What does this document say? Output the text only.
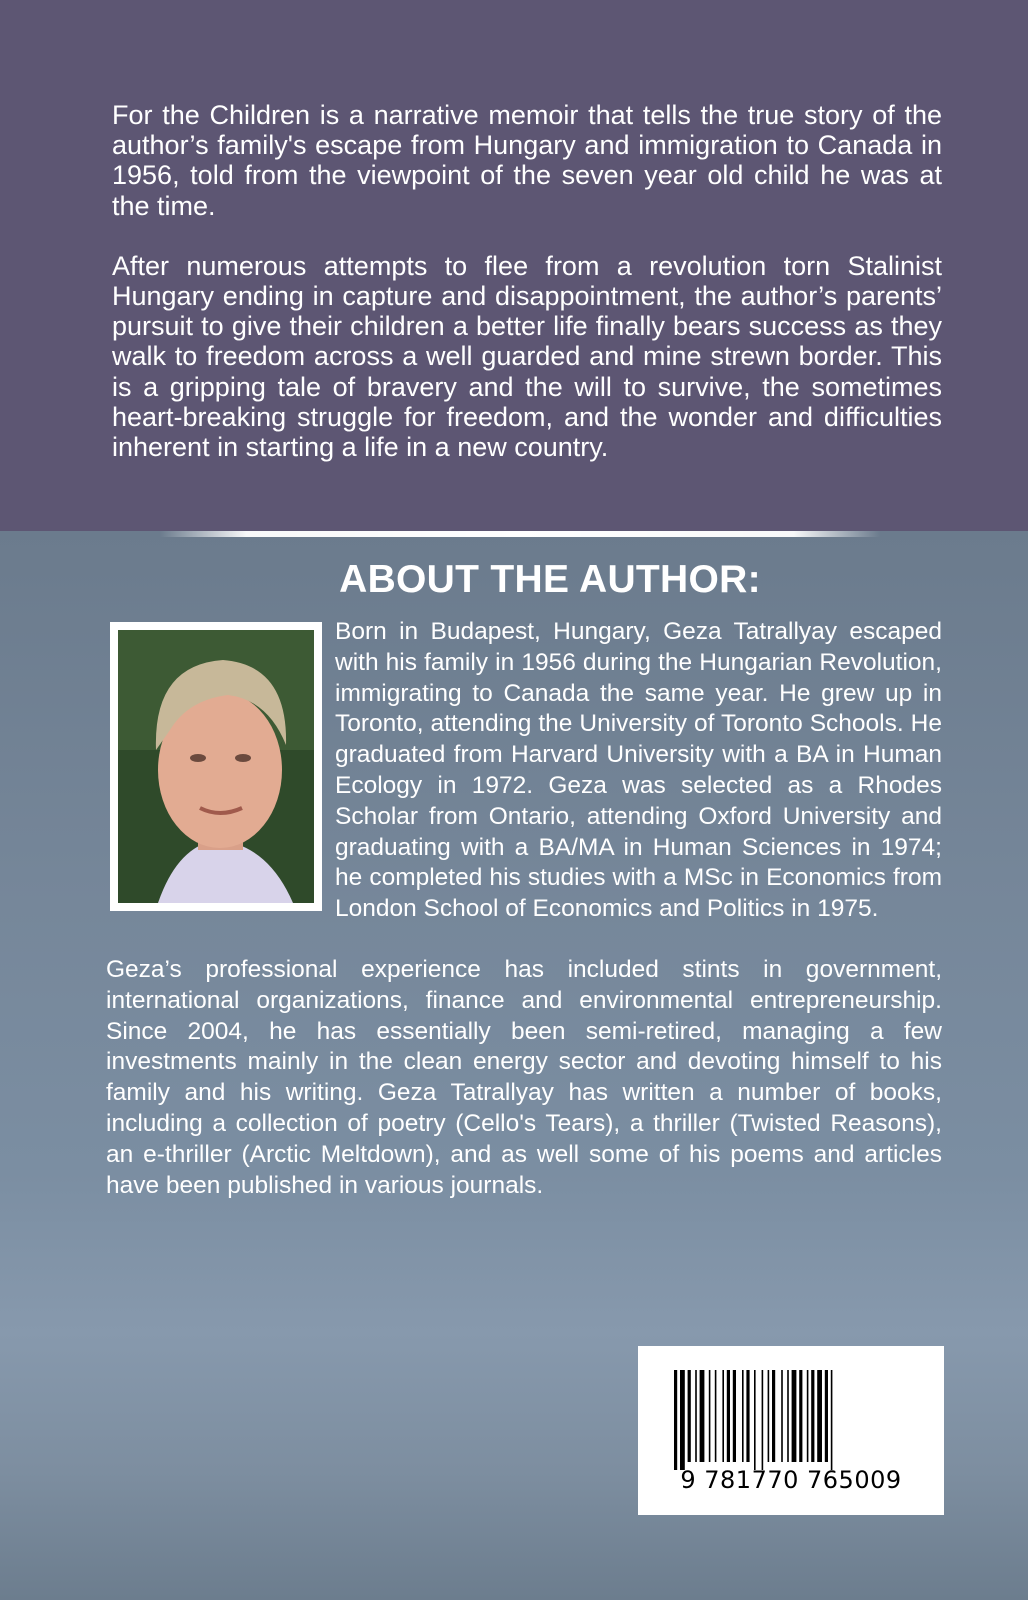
For the Children is a narrative memoir that tells the true story of the author’s family's escape from Hungary and immigration to Canada in 1956, told from the viewpoint of the seven year old child he was at the time.

After numerous attempts to flee from a revolution torn Stalinist Hungary ending in capture and disappointment, the author’s parents’ pursuit to give their children a better life finally bears success as they walk to freedom across a well guarded and mine strewn border. This is a gripping tale of bravery and the will to survive, the sometimes heart-breaking struggle for freedom, and the wonder and difficulties inherent in starting a life in a new country.

ABOUT THE AUTHOR:

Born in Budapest, Hungary, Geza Tatrallyay escaped with his family in 1956 during the Hungarian Revolution, immigrating to Canada the same year. He grew up in Toronto, attending the University of Toronto Schools. He graduated from Harvard University with a BA in Human Ecology in 1972. Geza was selected as a Rhodes Scholar from Ontario, attending Oxford University and graduating with a BA/MA in Human Sciences in 1974; he completed his studies with a MSc in Economics from London School of Economics and Politics in 1975.

Geza’s professional experience has included stints in government, international organizations, finance and environmental entrepreneurship. Since 2004, he has essentially been semi-retired, managing a few investments mainly in the clean energy sector and devoting himself to his family and his writing. Geza Tatrallyay has written a number of books, including a collection of poetry (Cello's Tears), a thriller (Twisted Reasons), an e-thriller (Arctic Meltdown), and as well some of his poems and articles have been published in various journals.

9 781770 765009
